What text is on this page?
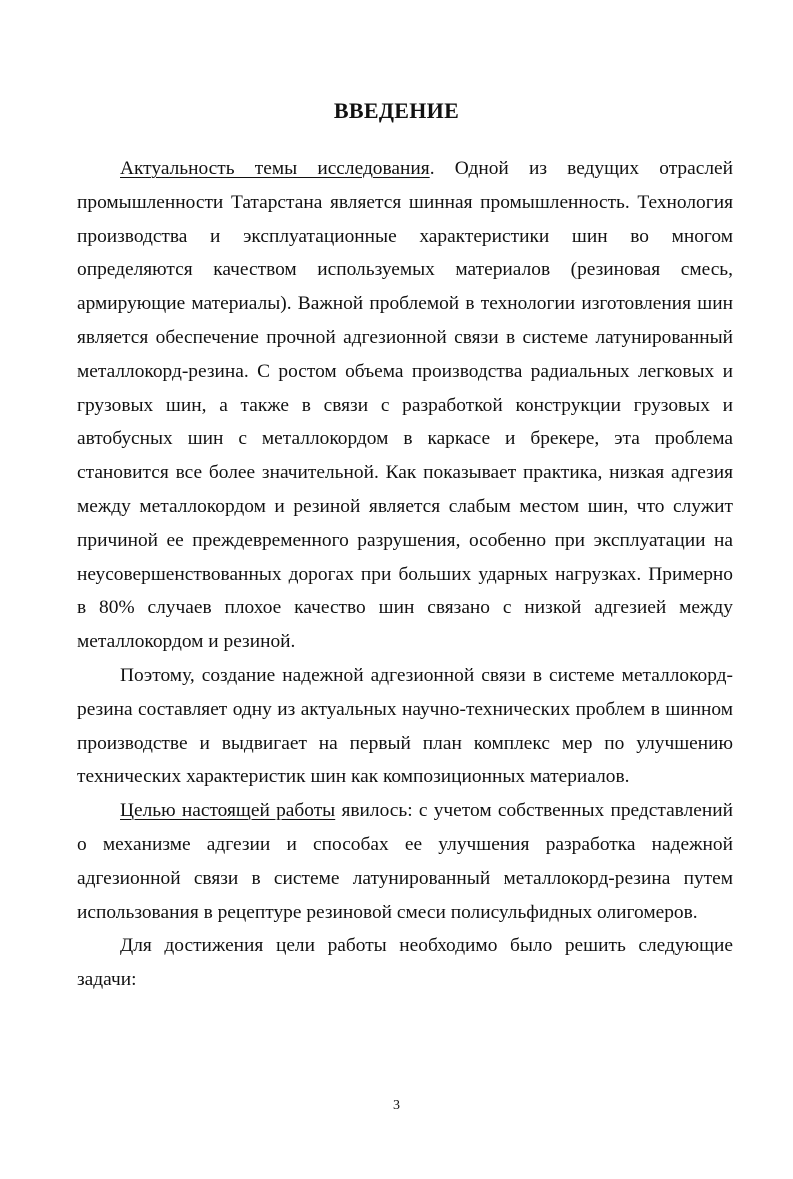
ВВЕДЕНИЕ

Актуальность темы исследования. Одной из ведущих отраслей промышленности Татарстана является шинная промышленность. Технология производства и эксплуатационные характеристики шин во многом определяются качеством используемых материалов (резиновая смесь, армирующие материалы). Важной проблемой в технологии изготовления шин является обеспечение прочной адгезионной связи в системе латунированный металлокорд-резина. С ростом объема производства радиальных легковых и грузовых шин, а также в связи с разработкой конструкции грузовых и автобусных шин с металлокордом в каркасе и брекере, эта проблема становится все более значительной. Как показывает практика, низкая адгезия между металлокордом и резиной является слабым местом шин, что служит причиной ее преждевременного разрушения, особенно при эксплуатации на неусовершенствованных дорогах при больших ударных нагрузках. Примерно в 80% случаев плохое качество шин связано с низкой адгезией между металлокордом и резиной.

Поэтому, создание надежной адгезионной связи в системе металлокорд-резина составляет одну из актуальных научно-технических проблем в шинном производстве и выдвигает на первый план комплекс мер по улучшению технических характеристик шин как композиционных материалов.

Целью настоящей работы явилось: с учетом собственных представлений о механизме адгезии и способах ее улучшения разработка надежной адгезионной связи в системе латунированный металлокорд-резина путем использования в рецептуре резиновой смеси полисульфидных олигомеров.

Для достижения цели работы необходимо было решить следующие задачи:

3
